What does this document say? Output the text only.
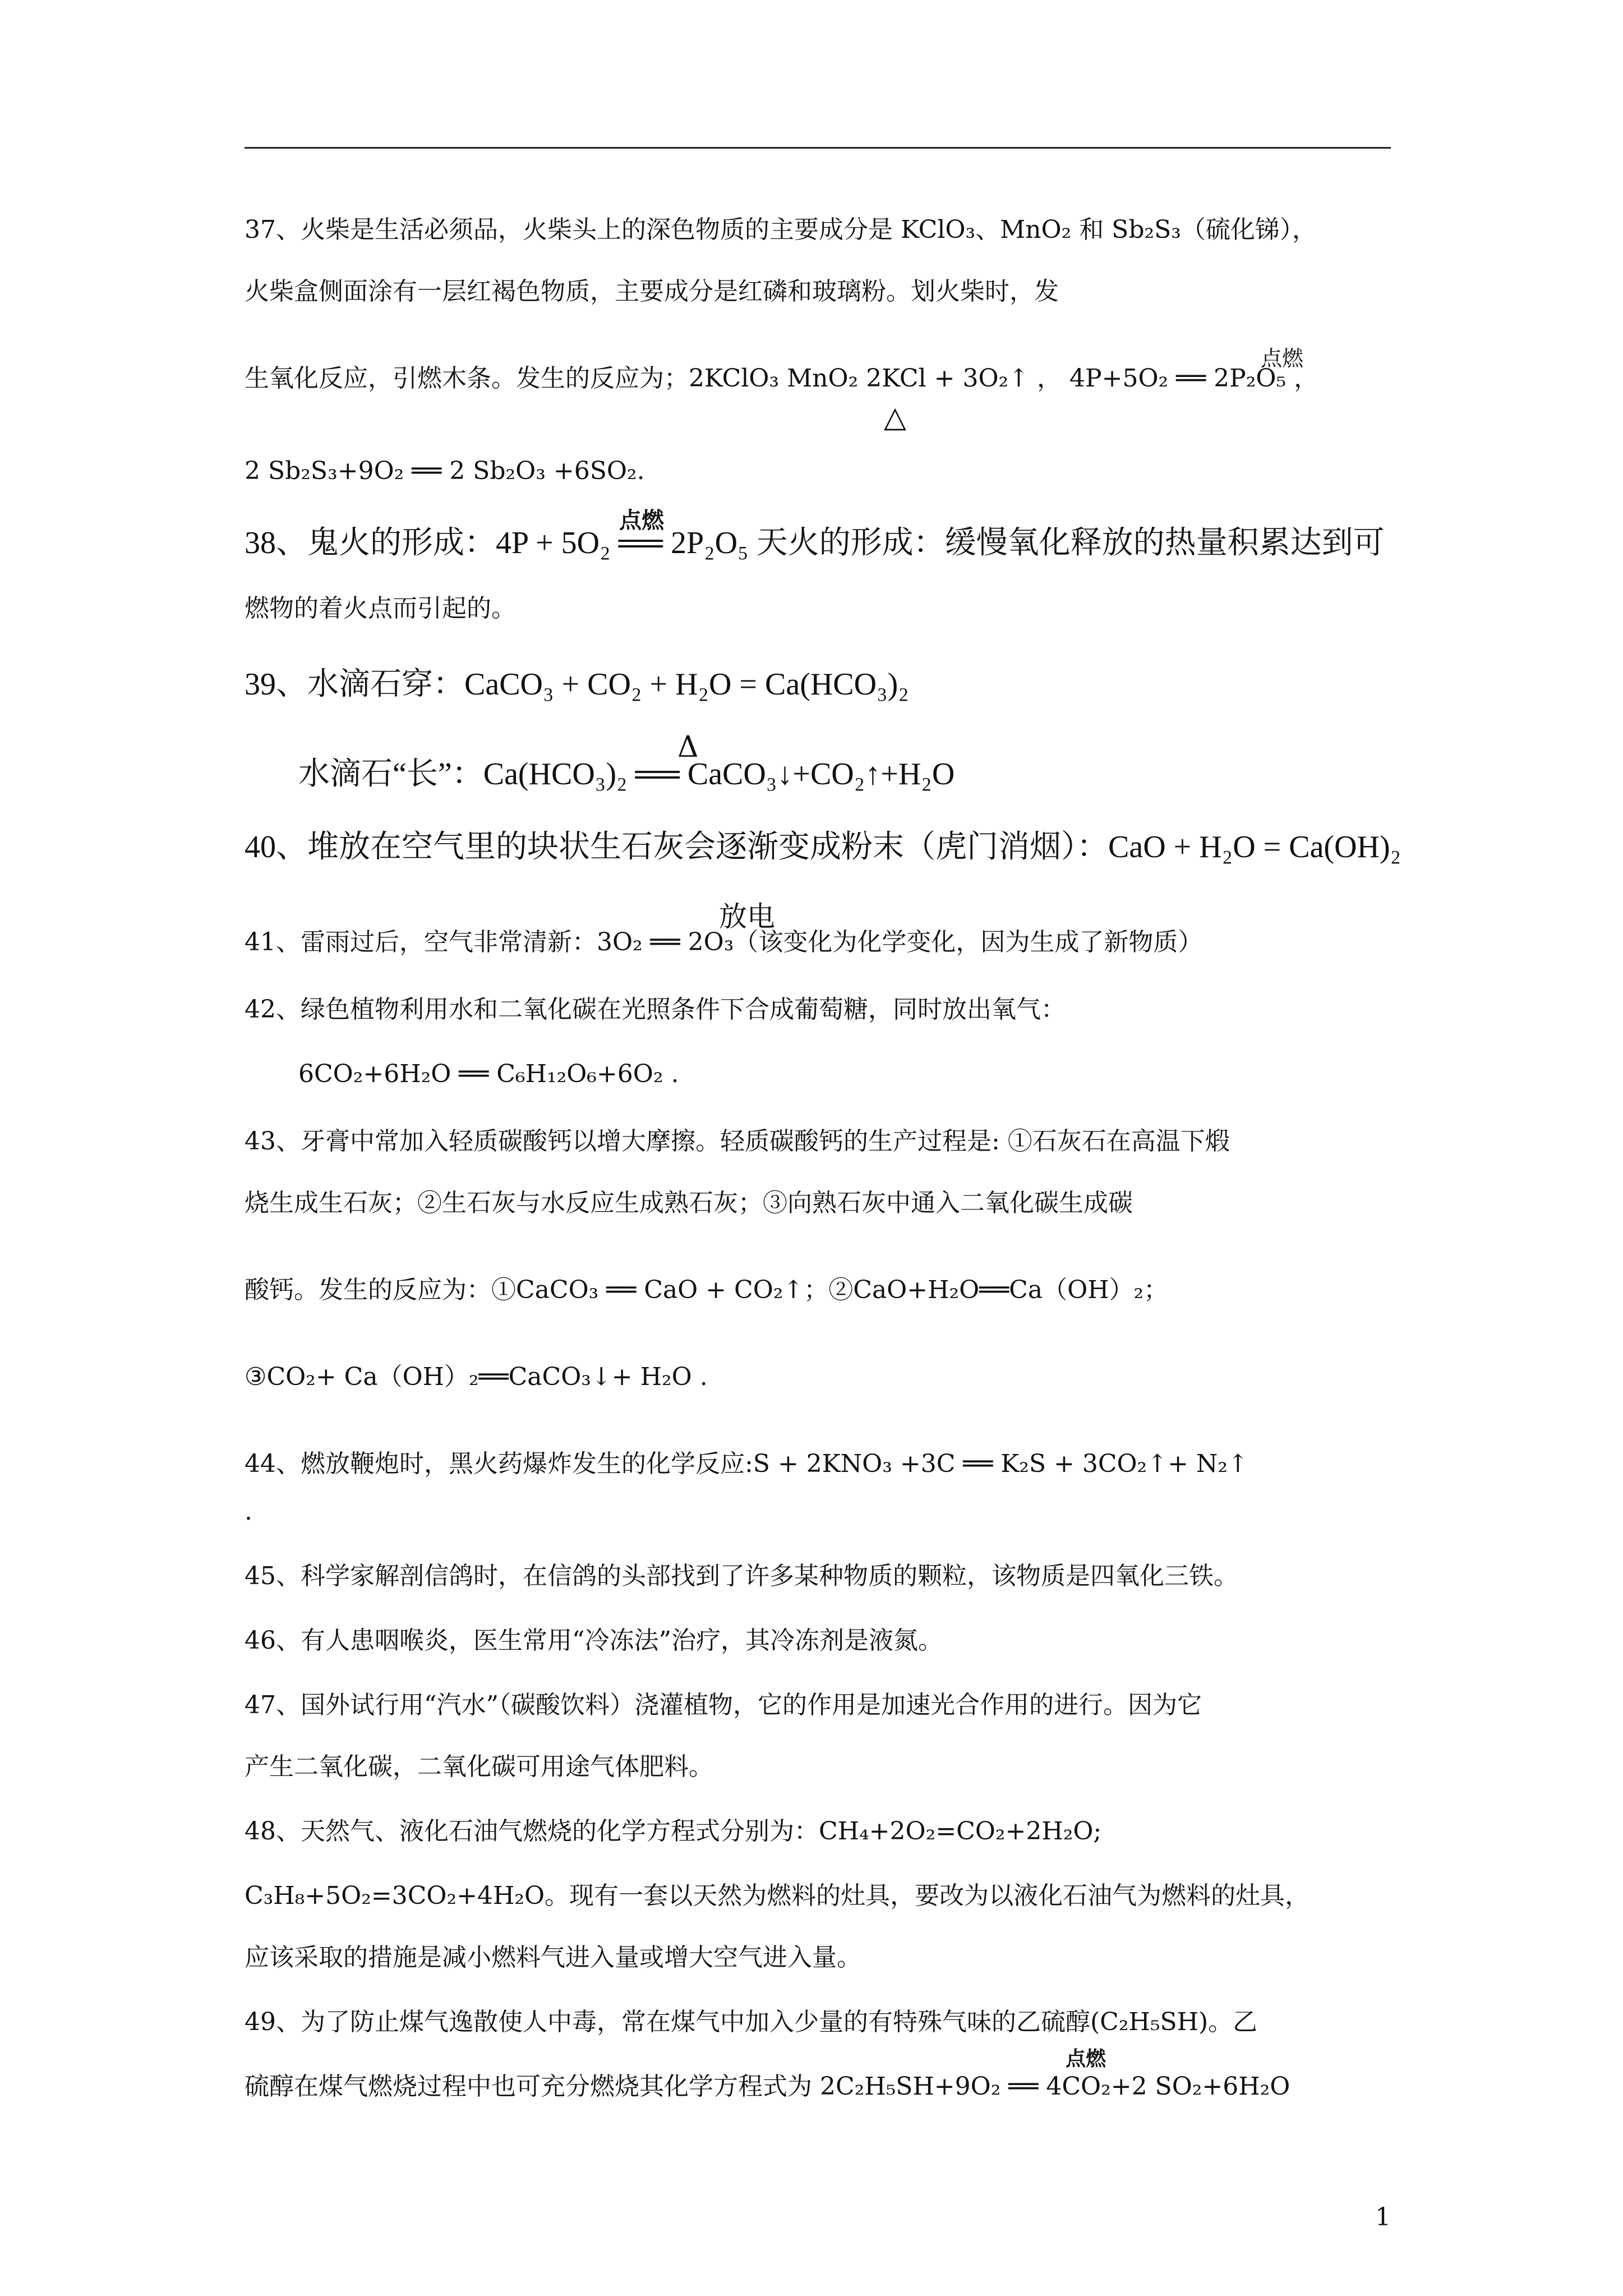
37、火柴是生活必须品，火柴头上的深色物质的主要成分是 KClO₃、MnO₂ 和 Sb₂S₃（硫化锑），
火柴盒侧面涂有一层红褐色物质，主要成分是红磷和玻璃粉。划火柴时，发
生氧化反应，引燃木条。发生的反应为；2KClO₃ MnO₂ 2KCl + 3O₂↑ ， 4P+5O₂ ══ 2P₂O₅ ，
△
点燃
2 Sb₂S₃+9O₂ ══ 2 Sb₂O₃ +6SO₂.
点燃
38、鬼火的形成：4P + 5O₂ ══ 2P₂O₅ 天火的形成：缓慢氧化释放的热量积累达到可
燃物的着火点而引起的。
39、水滴石穿：CaCO₃ + CO₂ + H₂O = Ca(HCO₃)₂
Δ
水滴石“长”：Ca(HCO₃)₂ ══ CaCO₃↓+CO₂↑+H₂O
40、堆放在空气里的块状生石灰会逐渐变成粉末（虎门消烟）：CaO + H₂O = Ca(OH)₂
放电
41、雷雨过后，空气非常清新：3O₂ ══ 2O₃（该变化为化学变化，因为生成了新物质）
42、绿色植物利用水和二氧化碳在光照条件下合成葡萄糖，同时放出氧气：
6CO₂+6H₂O ══ C₆H₁₂O₆+6O₂ .
43、牙膏中常加入轻质碳酸钙以增大摩擦。轻质碳酸钙的生产过程是: ①石灰石在高温下煅
烧生成生石灰；②生石灰与水反应生成熟石灰；③向熟石灰中通入二氧化碳生成碳
酸钙。发生的反应为：①CaCO₃ ══ CaO + CO₂↑；②CaO+H₂O══Ca（OH）₂；
③CO₂+ Ca（OH）₂══CaCO₃↓+ H₂O .
44、燃放鞭炮时，黑火药爆炸发生的化学反应:S + 2KNO₃ +3C ══ K₂S + 3CO₂↑+ N₂↑
.
45、科学家解剖信鸽时，在信鸽的头部找到了许多某种物质的颗粒，该物质是四氧化三铁。
46、有人患咽喉炎，医生常用“冷冻法”治疗，其冷冻剂是液氮。
47、国外试行用“汽水”（碳酸饮料）浇灌植物，它的作用是加速光合作用的进行。因为它
产生二氧化碳，二氧化碳可用途气体肥料。
48、天然气、液化石油气燃烧的化学方程式分别为：CH₄+2O₂=CO₂+2H₂O;
C₃H₈+5O₂=3CO₂+4H₂O。现有一套以天然为燃料的灶具，要改为以液化石油气为燃料的灶具，
应该采取的措施是减小燃料气进入量或增大空气进入量。
49、为了防止煤气逸散使人中毒，常在煤气中加入少量的有特殊气味的乙硫醇(C₂H₅SH)。乙
点燃
硫醇在煤气燃烧过程中也可充分燃烧其化学方程式为 2C₂H₅SH+9O₂ ══ 4CO₂+2 SO₂+6H₂O
1
